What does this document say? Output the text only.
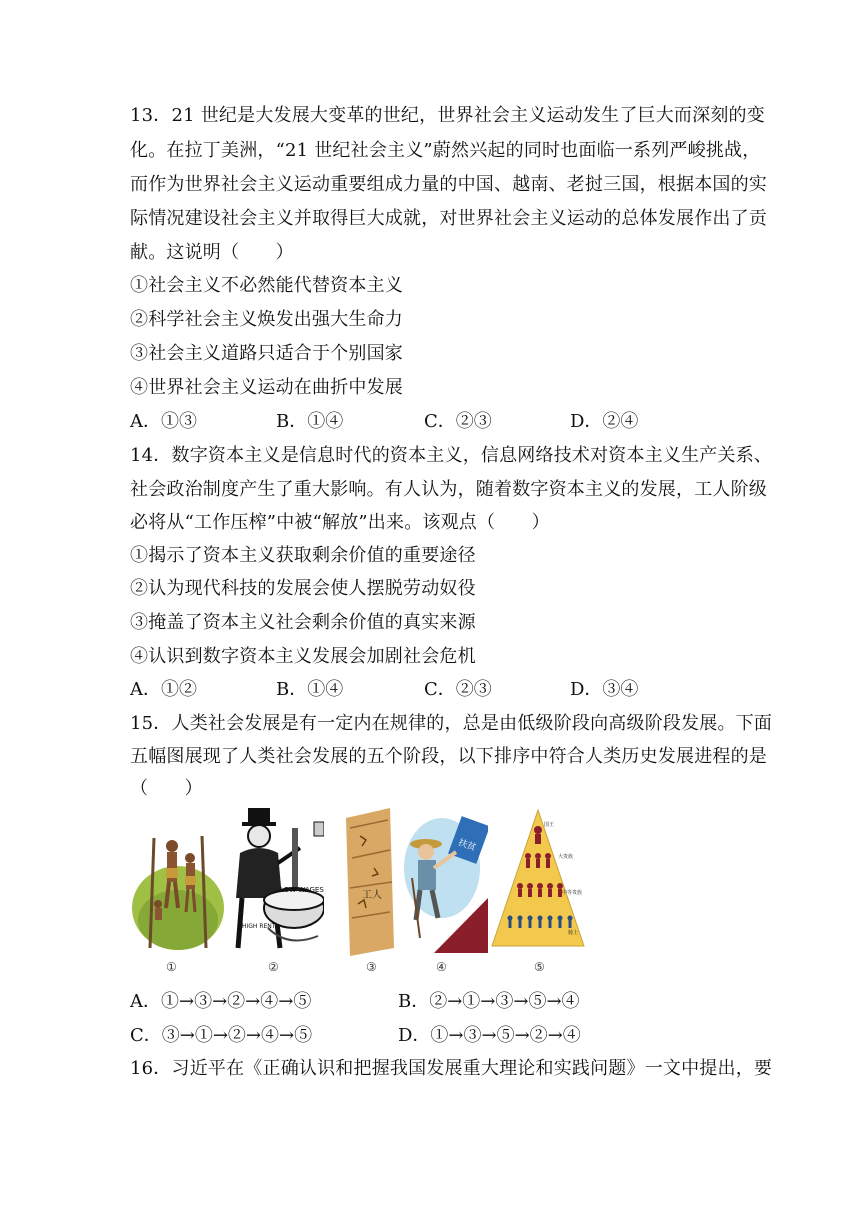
13．21 世纪是大发展大变革的世纪，世界社会主义运动发生了巨大而深刻的变
化。在拉丁美洲，“21 世纪社会主义”蔚然兴起的同时也面临一系列严峻挑战，
而作为世界社会主义运动重要组成力量的中国、越南、老挝三国，根据本国的实
际情况建设社会主义并取得巨大成就，对世界社会主义运动的总体发展作出了贡
献。这说明（　　）
①社会主义不必然能代替资本主义
②科学社会主义焕发出强大生命力
③社会主义道路只适合于个别国家
④世界社会主义运动在曲折中发展
A．①③	B．①④	C．②③	D．②④
14．数字资本主义是信息时代的资本主义，信息网络技术对资本主义生产关系、
社会政治制度产生了重大影响。有人认为，随着数字资本主义的发展，工人阶级
必将从“工作压榨”中被“解放”出来。该观点（　　）
①揭示了资本主义获取剩余价值的重要途径
②认为现代科技的发展会使人摆脱劳动奴役
③掩盖了资本主义社会剩余价值的真实来源
④认识到数字资本主义发展会加剧社会危机
A．①②	B．①④	C．②③	D．③④
15．人类社会发展是有一定内在规律的，总是由低级阶段向高级阶段发展。下面
五幅图展现了人类社会发展的五个阶段，以下排序中符合人类历史发展进程的是
（　　）
LOW WAGES
HIGH RENT
工人
扶贫
国王
大贵族
中等贵族
骑士
①	②	③	④	⑤
A．①→③→②→④→⑤	B．②→①→③→⑤→④
C．③→①→②→④→⑤	D．①→③→⑤→②→④
16．习近平在《正确认识和把握我国发展重大理论和实践问题》一文中提出，要
